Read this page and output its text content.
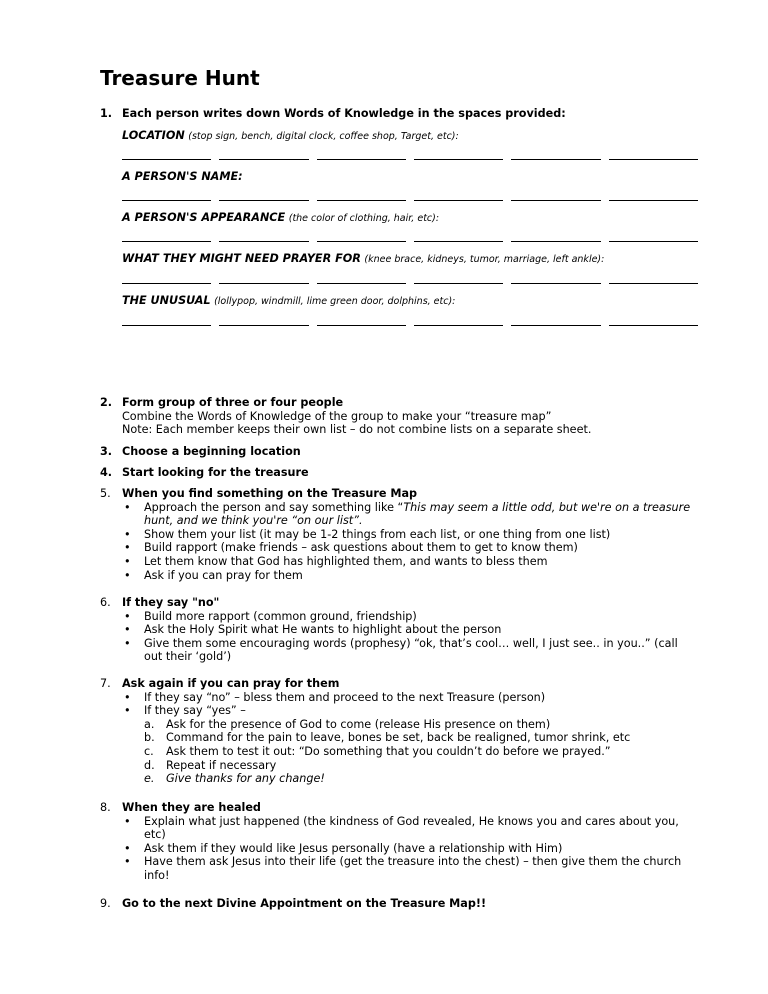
Treasure Hunt
1. Each person writes down Words of Knowledge in the spaces provided:
LOCATION (stop sign, bench, digital clock, coffee shop, Target, etc):
A PERSON'S NAME:
A PERSON'S APPEARANCE (the color of clothing, hair, etc):
WHAT THEY MIGHT NEED PRAYER FOR (knee brace, kidneys, tumor, marriage, left ankle):
THE UNUSUAL (lollypop, windmill, lime green door, dolphins, etc):
2. Form group of three or four people
Combine the Words of Knowledge of the group to make your “treasure map”
Note: Each member keeps their own list – do not combine lists on a separate sheet.
3. Choose a beginning location
4. Start looking for the treasure
5.	When you find something on the Treasure Map
• Approach the person and say something like “This may seem a little odd, but we're on a treasure hunt, and we think you're “on our list”.
• Show them your list (it may be 1-2 things from each list, or one thing from one list)
• Build rapport (make friends – ask questions about them to get to know them)
• Let them know that God has highlighted them, and wants to bless them
• Ask if you can pray for them
6.	If they say "no"
• Build more rapport (common ground, friendship)
• Ask the Holy Spirit what He wants to highlight about the person
• Give them some encouraging words (prophesy) “ok, that’s cool… well, I just see.. in you..” (call out their ‘gold’)
7.	Ask again if you can pray for them
• If they say “no” – bless them and proceed to the next Treasure (person)
• If they say “yes” –
a. Ask for the presence of God to come (release His presence on them)
b. Command for the pain to leave, bones be set, back be realigned, tumor shrink, etc
c. Ask them to test it out: “Do something that you couldn’t do before we prayed.”
d. Repeat if necessary
e. Give thanks for any change!
8.	When they are healed
• Explain what just happened (the kindness of God revealed, He knows you and cares about you, etc)
• Ask them if they would like Jesus personally (have a relationship with Him)
• Have them ask Jesus into their life (get the treasure into the chest) – then give them the church info!
9.	Go to the next Divine Appointment on the Treasure Map!!
